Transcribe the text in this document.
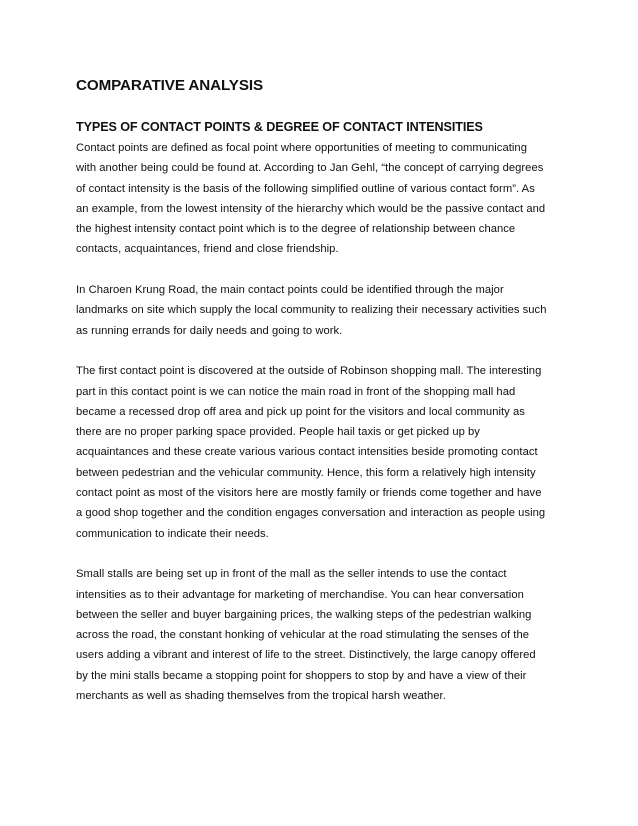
COMPARATIVE ANALYSIS
TYPES OF CONTACT POINTS & DEGREE OF CONTACT INTENSITIES

Contact points are defined as focal point where opportunities of meeting to communicating
with another being could be found at. According to Jan Gehl, “the concept of carrying degrees
of contact intensity is the basis of the following simplified outline of various contact form”. As
an example, from the lowest intensity of the hierarchy which would be the passive contact and
the highest intensity contact point which is to the degree of relationship between chance
contacts, acquaintances, friend and close friendship.

In Charoen Krung Road, the main contact points could be identified through the major
landmarks on site which supply the local community to realizing their necessary activities such
as running errands for daily needs and going to work.

The first contact point is discovered at the outside of Robinson shopping mall. The interesting
part in this contact point is we can notice the main road in front of the shopping mall had
became a recessed drop off area and pick up point for the visitors and local community as
there are no proper parking space provided. People hail taxis or get picked up by
acquaintances and these create various various contact intensities beside promoting contact
between pedestrian and the vehicular community. Hence, this form a relatively high intensity
contact point as most of the visitors here are mostly family or friends come together and have
a good shop together and the condition engages conversation and interaction as people using
communication to indicate their needs.

Small stalls are being set up in front of the mall as the seller intends to use the contact
intensities as to their advantage for marketing of merchandise. You can hear conversation
between the seller and buyer bargaining prices, the walking steps of the pedestrian walking
across the road, the constant honking of vehicular at the road stimulating the senses of the
users adding a vibrant and interest of life to the street. Distinctively, the large canopy offered
by the mini stalls became a stopping point for shoppers to stop by and have a view of their
merchants as well as shading themselves from the tropical harsh weather.
